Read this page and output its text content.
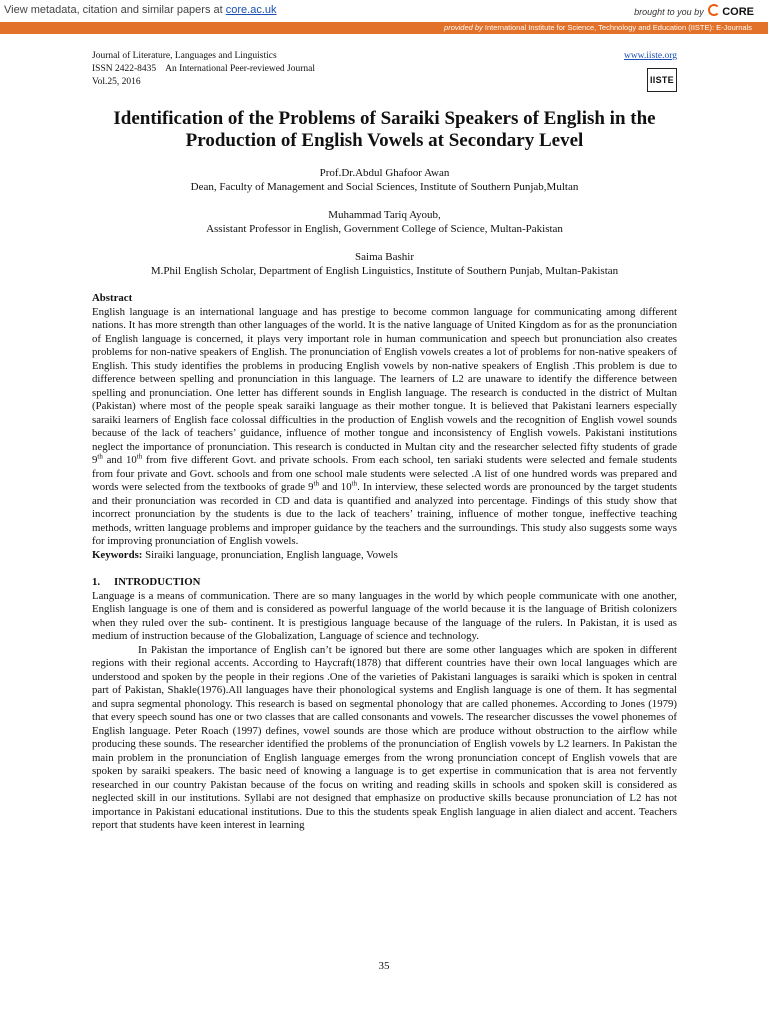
View metadata, citation and similar papers at core.ac.uk	brought to you by CORE
provided by International Institute for Science, Technology and Education (IISTE): E-Journals
Journal of Literature, Languages and Linguistics
ISSN 2422-8435    An International Peer-reviewed Journal
Vol.25, 2016
www.iiste.org
IISTE
Identification of the Problems of Saraiki Speakers of English in the Production of English Vowels at Secondary Level
Prof.Dr.Abdul Ghafoor Awan
Dean, Faculty of Management and Social Sciences, Institute of Southern Punjab,Multan
Muhammad Tariq Ayoub,
Assistant Professor in English, Government College of Science, Multan-Pakistan
Saima Bashir
M.Phil English Scholar, Department of English Linguistics, Institute of Southern Punjab, Multan-Pakistan
Abstract
English language is an international language and has prestige to become common language for communicating among different nations. It has more strength than other languages of the world. It is the native language of United Kingdom as for as the pronunciation of English language is concerned, it plays very important role in human communication and speech but pronunciation also creates problems for non-native speakers of English. The pronunciation of English vowels creates a lot of problems for non-native speakers of English. This study identifies the problems in producing English vowels by non-native speakers of English .This problem is due to difference between spelling and pronunciation in this language. The learners of L2 are unaware to identify the difference between spelling and pronunciation. One letter has different sounds in English language. The research is conducted in the district of Multan (Pakistan) where most of the people speak saraiki language as their mother tongue. It is believed that Pakistani learners especially saraiki learners of English face colossal difficulties in the production of English vowels and the recognition of English vowel sounds because of the lack of teachers’ guidance, influence of mother tongue and inconsistency of English vowels. Pakistani institutions neglect the importance of pronunciation. This research is conducted in Multan city and the researcher selected fifty students of grade 9th and 10th from five different Govt. and private schools. From each school, ten sariaki students were selected and female students from four private and Govt. schools and from one school male students were selected .A list of one hundred words was prepared and words were selected from the textbooks of grade 9th and 10th. In interview, these selected words are pronounced by the target students and their pronunciation was recorded in CD and data is quantified and analyzed into percentage. Findings of this study show that incorrect pronunciation by the students is due to the lack of teachers’ training, influence of mother tongue, ineffective teaching methods, written language problems and improper guidance by the teachers and the surroundings. This study also suggests some ways for improving pronunciation of English vowels.
Keywords: Siraiki language, pronunciation, English language, Vowels
1. INTRODUCTION

Language is a means of communication. There are so many languages in the world by which people communicate with one another, English language is one of them and is considered as powerful language of the world because it is the language of British colonizers when they ruled over the sub- continent. It is prestigious language because of the language of the rulers. In Pakistan, it is used as medium of instruction because of the Globalization, Language of science and technology.

In Pakistan the importance of English can’t be ignored but there are some other languages which are spoken in different regions with their regional accents. According to Haycraft(1878) that different countries have their own local languages which are understood and spoken by the people in their regions .One of the varieties of Pakistani languages is saraiki which is spoken in central part of Pakistan, Shakle(1976).All languages have their phonological systems and English language is one of them. It has segmental and supra segmental phonology. This research is based on segmental phonology that are called phonemes. According to Jones (1979) that every speech sound has one or two classes that are called consonants and vowels. The researcher discusses the vowel phonemes of English language. Peter Roach (1997) defines, vowel sounds are those which are produce without obstruction to the airflow while producing these sounds. The researcher identified the problems of the pronunciation of English vowels by L2 learners. In Pakistan the main problem in the pronunciation of English language emerges from the wrong pronunciation concept of English vowels that are spoken by saraiki speakers. The basic need of knowing a language is to get expertise in communication that is area not fervently researched in our country Pakistan because of the focus on writing and reading skills in schools and spoken skill is considered as neglected skill in our institutions. Syllabi are not designed that emphasize on productive skills because pronunciation of L2 has not importance in Pakistani educational institutions. Due to this the students speak English language in alien dialect and accent. Teachers report that students have keen interest in learning

35
